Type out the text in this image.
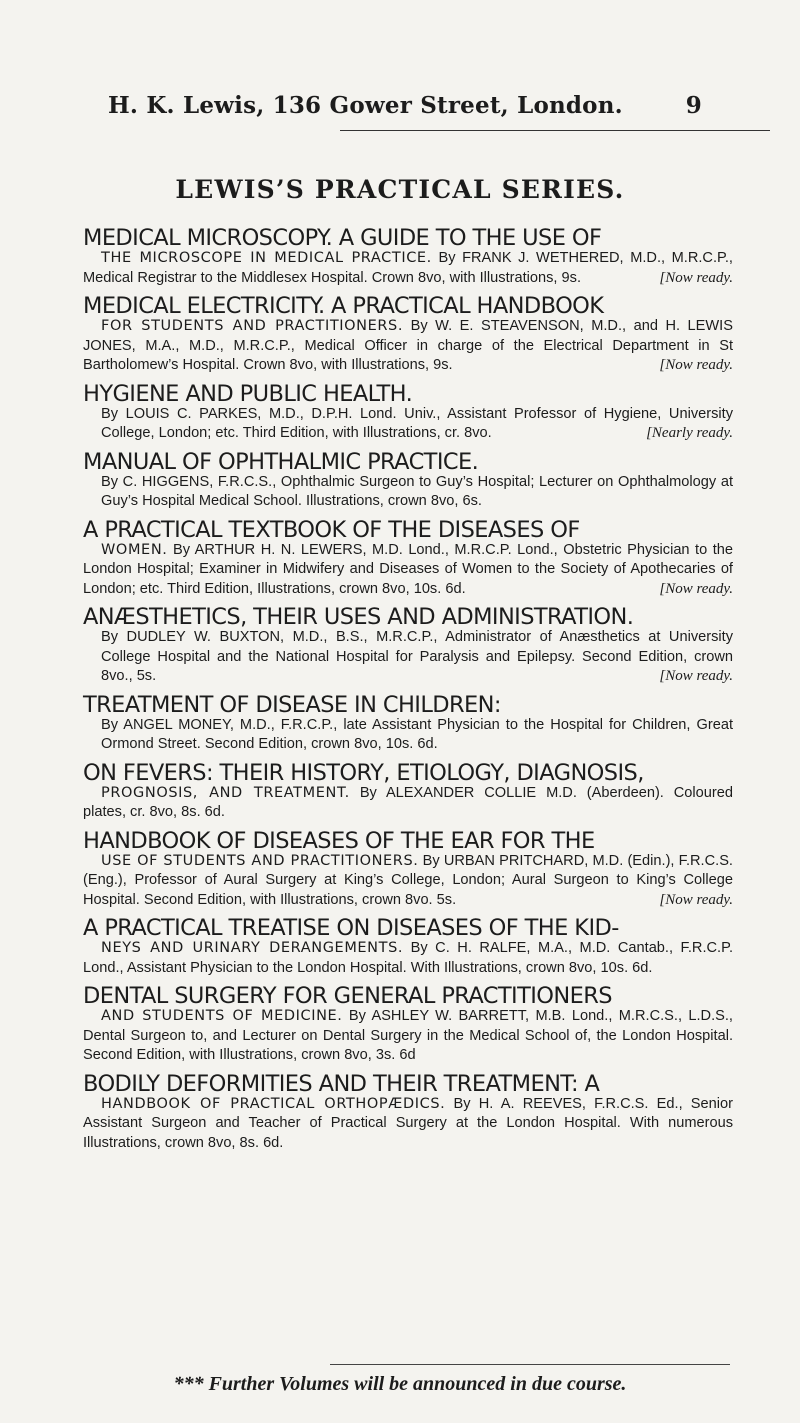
H. K. Lewis, 136 Gower Street, London.	9
LEWIS’S PRACTICAL SERIES.
MEDICAL MICROSCOPY. A GUIDE TO THE USE OF
THE MICROSCOPE IN MEDICAL PRACTICE. By FRANK J. WETHERED, M.D., M.R.C.P., Medical Registrar to the Middlesex Hospital. Crown 8vo, with Illustrations, 9s.	[Now ready.
MEDICAL ELECTRICITY. A PRACTICAL HANDBOOK
FOR STUDENTS AND PRACTITIONERS. By W. E. STEAVENSON, M.D., and H. LEWIS JONES, M.A., M.D., M.R.C.P., Medical Officer in charge of the Electrical Department in St Bartholomew’s Hospital. Crown 8vo, with Illustrations, 9s.	[Now ready.
HYGIENE AND PUBLIC HEALTH.
By LOUIS C. PARKES, M.D., D.P.H. Lond. Univ., Assistant Professor of Hygiene, University College, London; etc. Third Edition, with Illustrations, cr. 8vo.	[Nearly ready.
MANUAL OF OPHTHALMIC PRACTICE.
By C. HIGGENS, F.R.C.S., Ophthalmic Surgeon to Guy’s Hospital; Lecturer on Ophthalmology at Guy’s Hospital Medical School. Illustrations, crown 8vo, 6s.
A PRACTICAL TEXTBOOK OF THE DISEASES OF
WOMEN. By ARTHUR H. N. LEWERS, M.D. Lond., M.R.C.P. Lond., Obstetric Physician to the London Hospital; Examiner in Midwifery and Diseases of Women to the Society of Apothecaries of London; etc. Third Edition, Illustrations, crown 8vo, 10s. 6d.	[Now ready.
ANÆSTHETICS, THEIR USES AND ADMINISTRATION.
By DUDLEY W. BUXTON, M.D., B.S., M.R.C.P., Administrator of Anæsthetics at University College Hospital and the National Hospital for Paralysis and Epilepsy. Second Edition, crown 8vo., 5s.	[Now ready.
TREATMENT OF DISEASE IN CHILDREN:
By ANGEL MONEY, M.D., F.R.C.P., late Assistant Physician to the Hospital for Children, Great Ormond Street. Second Edition, crown 8vo, 10s. 6d.
ON FEVERS: THEIR HISTORY, ETIOLOGY, DIAGNOSIS,
PROGNOSIS, AND TREATMENT. By ALEXANDER COLLIE M.D. (Aberdeen). Coloured plates, cr. 8vo, 8s. 6d.
HANDBOOK OF DISEASES OF THE EAR FOR THE
USE OF STUDENTS AND PRACTITIONERS. By URBAN PRITCHARD, M.D. (Edin.), F.R.C.S. (Eng.), Professor of Aural Surgery at King’s College, London; Aural Surgeon to King’s College Hospital. Second Edition, with Illustrations, crown 8vo. 5s.	[Now ready.
A PRACTICAL TREATISE ON DISEASES OF THE KID-
NEYS AND URINARY DERANGEMENTS. By C. H. RALFE, M.A., M.D. Cantab., F.R.C.P. Lond., Assistant Physician to the London Hospital. With Illustrations, crown 8vo, 10s. 6d.
DENTAL SURGERY FOR GENERAL PRACTITIONERS
AND STUDENTS OF MEDICINE. By ASHLEY W. BARRETT, M.B. Lond., M.R.C.S., L.D.S., Dental Surgeon to, and Lecturer on Dental Surgery in the Medical School of, the London Hospital. Second Edition, with Illustrations, crown 8vo, 3s. 6d
BODILY DEFORMITIES AND THEIR TREATMENT: A
HANDBOOK OF PRACTICAL ORTHOPÆDICS. By H. A. REEVES, F.R.C.S. Ed., Senior Assistant Surgeon and Teacher of Practical Surgery at the London Hospital. With numerous Illustrations, crown 8vo, 8s. 6d.
*** Further Volumes will be announced in due course.
